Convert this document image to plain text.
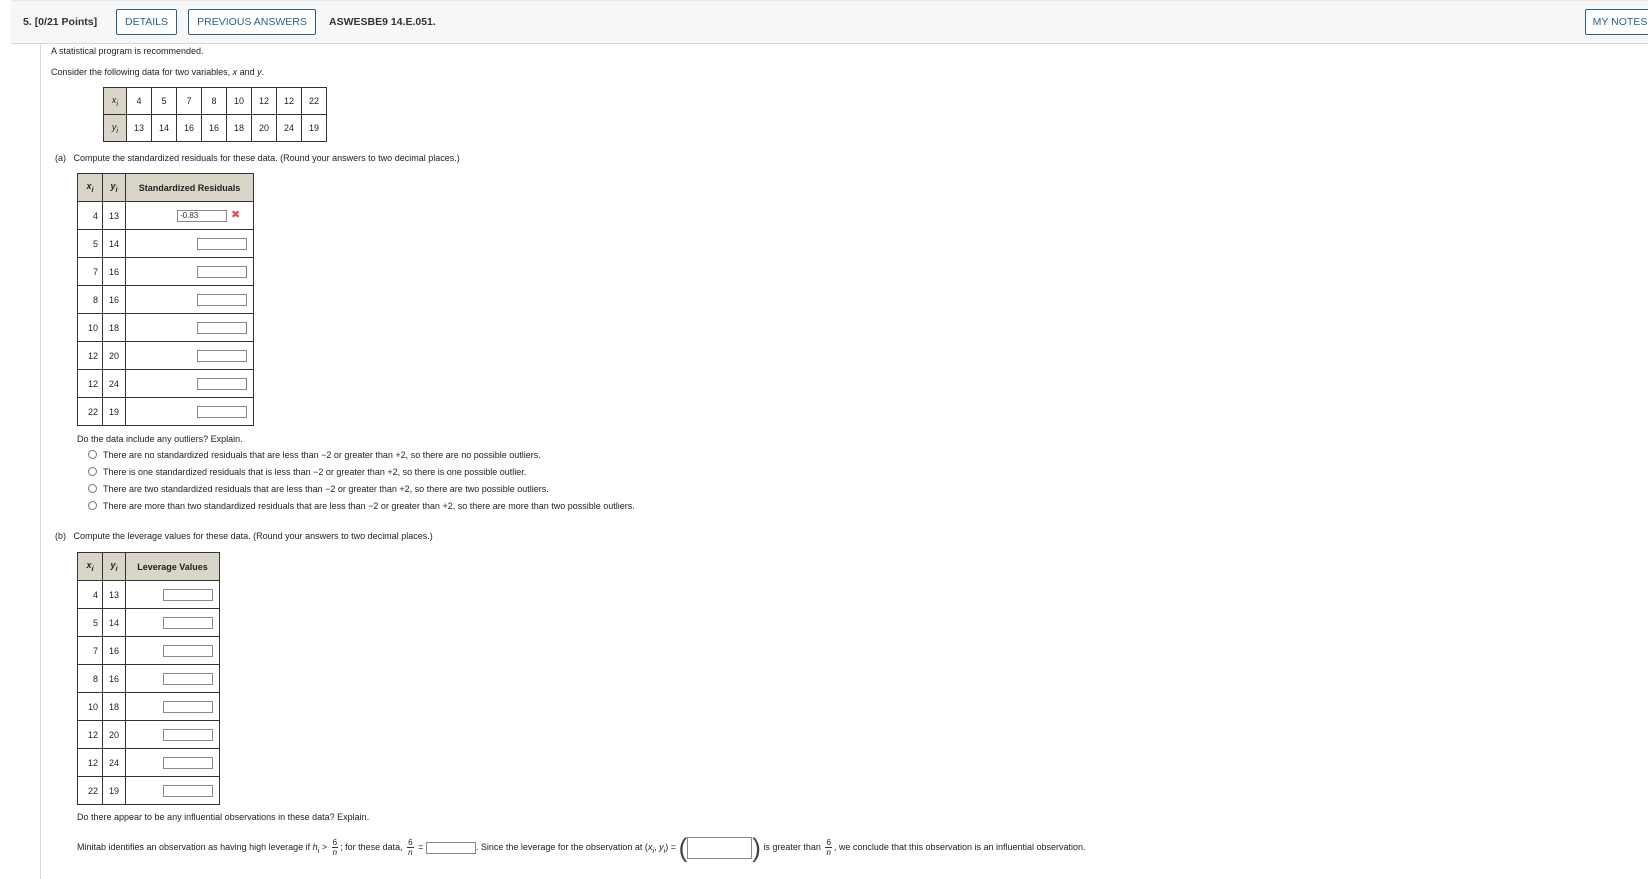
5. [0/21 Points]	DETAILS	PREVIOUS ANSWERS	ASWESBE9 14.E.051.	MY NOTES
A statistical program is recommended.
Consider the following data for two variables, x and y.
$x_i$	4	5	7	8	10	12	12	22
$y_i$	13	14	16	16	18	20	24	19
(a) Compute the standardized residuals for these data. (Round your answers to two decimal places.)
$x_i$	$y_i$	Standardized Residuals
4	13	-0.83
5	14	
7	16	
8	16	
10	18	
12	20	
12	24	
22	19	
✖
Do the data include any outliers? Explain.
There are no standardized residuals that are less than −2 or greater than +2, so there are no possible outliers.
There is one standardized residuals that is less than −2 or greater than +2, so there is one possible outlier.
There are two standardized residuals that are less than −2 or greater than +2, so there are two possible outliers.
There are more than two standardized residuals that are less than −2 or greater than +2, so there are more than two possible outliers.
(b) Compute the leverage values for these data. (Round your answers to two decimal places.)
$x_i$	$y_i$	Leverage Values
4	13	
5	14	
7	16	
8	16	
10	18	
12	20	
12	24	
22	19	
Do there appear to be any influential observations in these data? Explain.
Minitab identifies an observation as having high leverage if $h_i > \frac{6}{n}$ ; for these data, $\frac{6}{n}$ =	. Since the leverage for the observation at ($x_i$, $y_i$) = (	) is greater than $\frac{6}{n}$ , we conclude that this observation is an influential observation.
